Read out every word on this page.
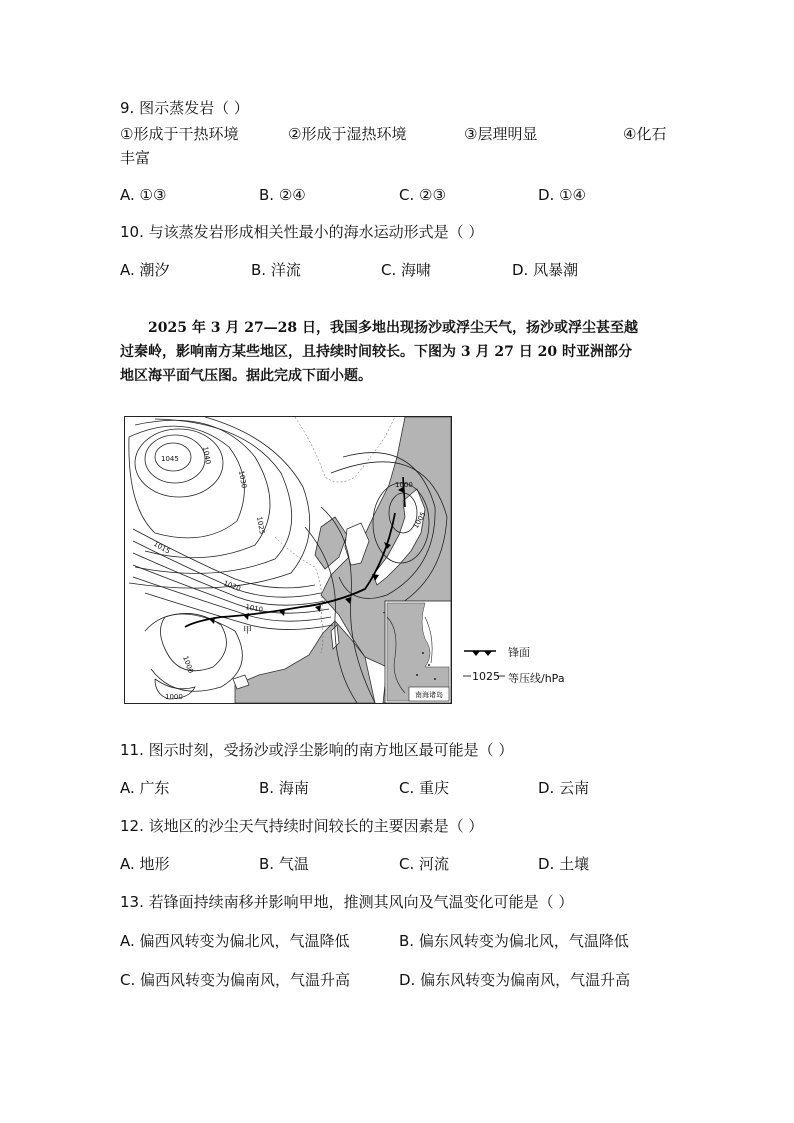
9. 图示蒸发岩（ ）
①形成于干热环境	②形成于湿热环境	③层理明显	④化石
丰富
A. ①③	B. ②④	C. ②③	D. ①④
10. 与该蒸发岩形成相关性最小的海水运动形式是（ ）
A. 潮汐	B. 洋流	C. 海啸	D. 风暴潮
2025 年 3 月 27—28 日，我国多地出现扬沙或浮尘天气，扬沙或浮尘甚至越
过秦岭，影响南方某些地区，且持续时间较长。下图为 3 月 27 日 20 时亚洲部分
地区海平面气压图。据此完成下面小题。
南海诸岛
1045	1040
1030
1025
1020
1015
1010
1005
1000
1000
1000
甲
锋面
1025 等压线/hPa
11. 图示时刻，受扬沙或浮尘影响的南方地区最可能是（ ）
A. 广东	B. 海南	C. 重庆	D. 云南
12. 该地区的沙尘天气持续时间较长的主要因素是（ ）
A. 地形	B. 气温	C. 河流	D. 土壤
13. 若锋面持续南移并影响甲地，推测其风向及气温变化可能是（ ）
A. 偏西风转变为偏北风，气温降低	B. 偏东风转变为偏北风，气温降低
C. 偏西风转变为偏南风，气温升高	D. 偏东风转变为偏南风，气温升高
